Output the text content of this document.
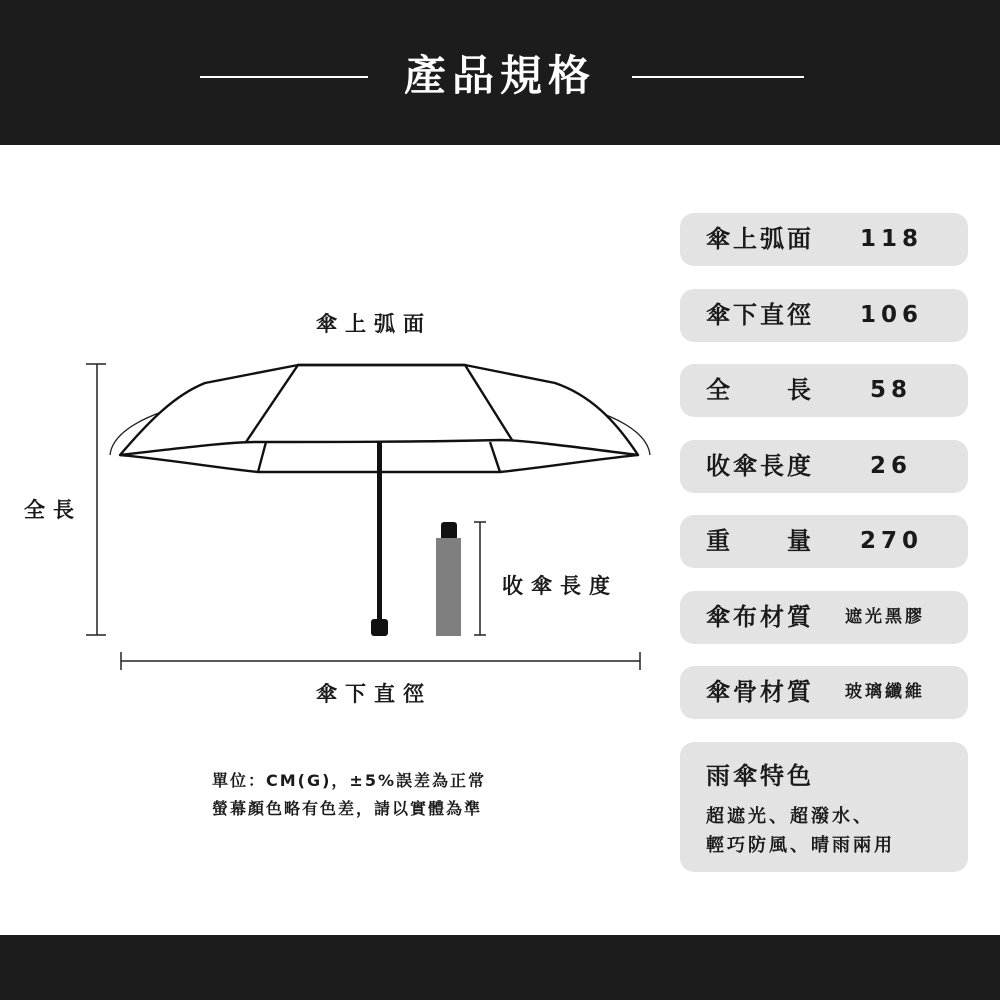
產品規格
傘上弧面
全長
收傘長度
傘下直徑
單位：CM(G)，±5%誤差為正常
螢幕顏色略有色差，請以實體為準
傘上弧面 118
傘下直徑 106
全　　長 58
收傘長度 26
重　　量 270
傘布材質 遮光黑膠
傘骨材質 玻璃纖維
雨傘特色
超遮光、超潑水、
輕巧防風、晴雨兩用
